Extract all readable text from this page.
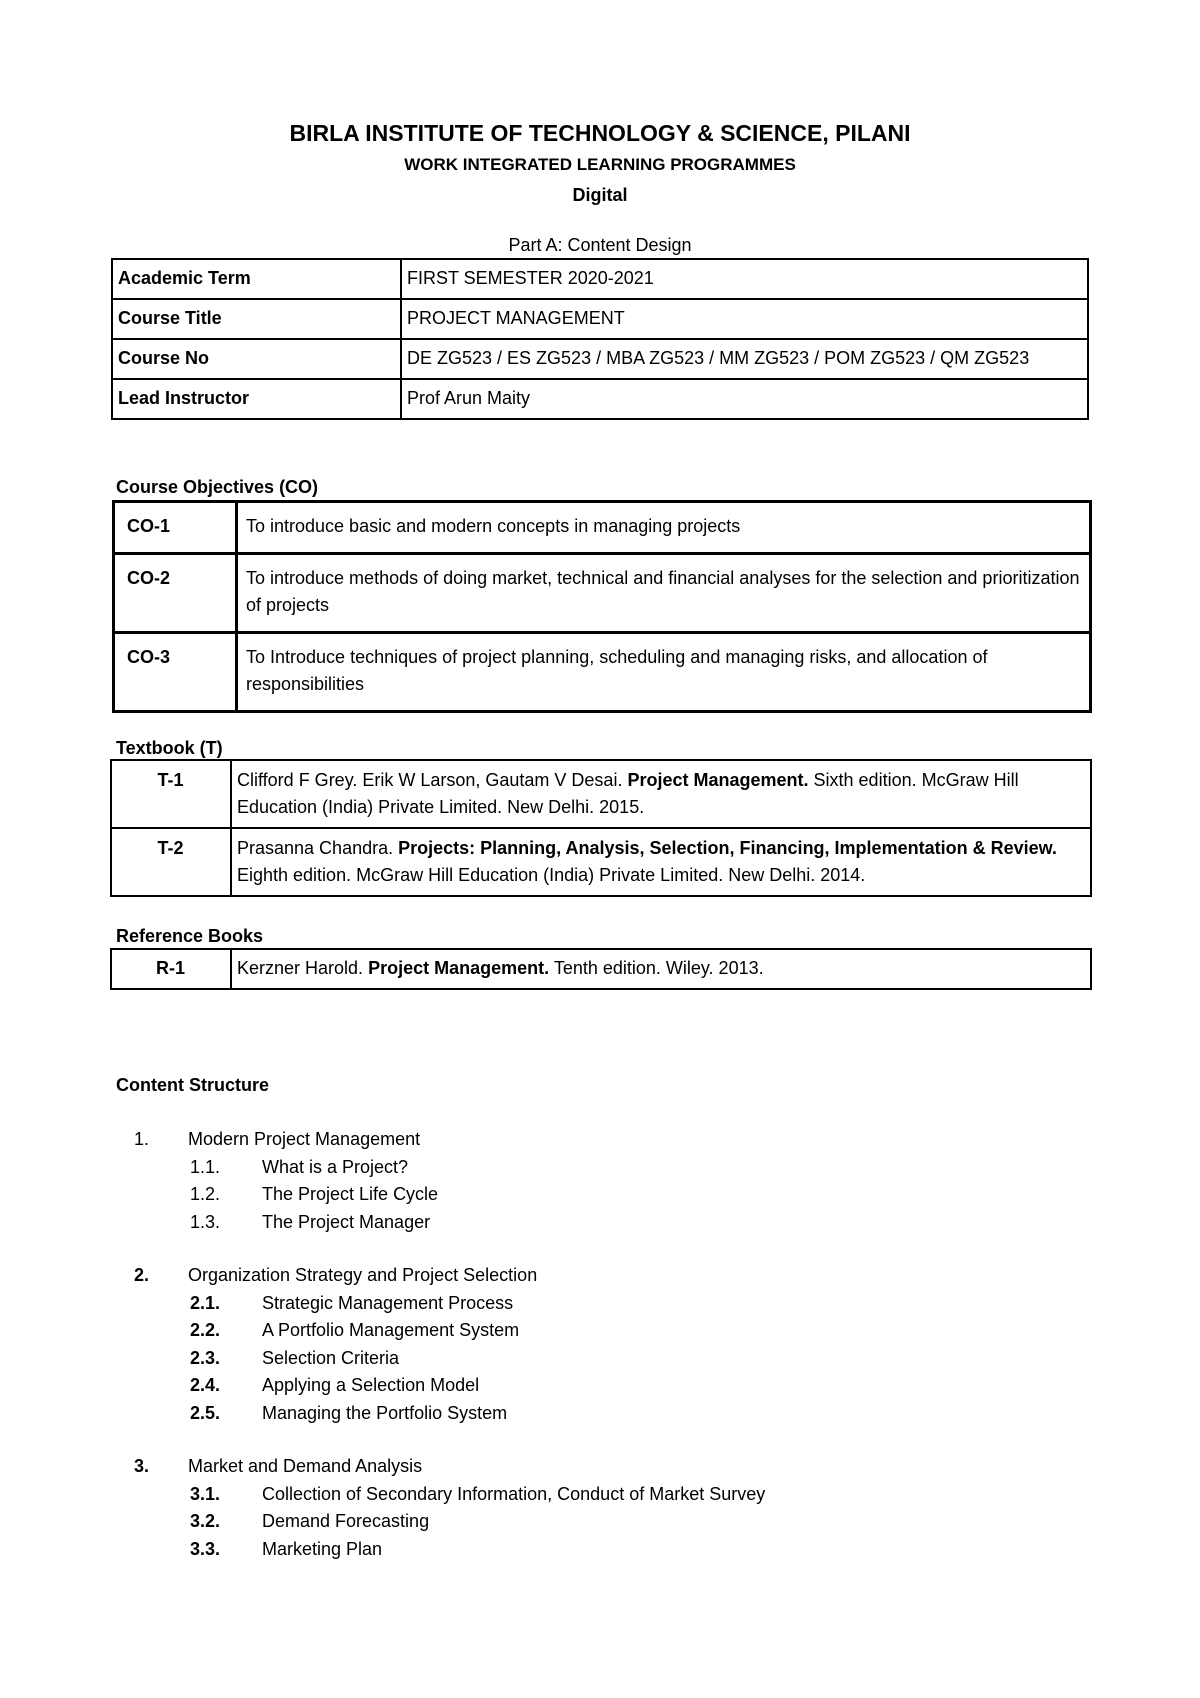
BIRLA INSTITUTE OF TECHNOLOGY & SCIENCE, PILANI
WORK INTEGRATED LEARNING PROGRAMMES
Digital
Part A: Content Design
Academic Term	FIRST SEMESTER 2020-2021
Course Title	PROJECT MANAGEMENT
Course No	DE ZG523 / ES ZG523 / MBA ZG523 / MM ZG523 / POM ZG523 / QM ZG523
Lead Instructor	Prof Arun Maity
Course Objectives (CO)
CO-1	To introduce basic and modern concepts in managing projects
CO-2	To introduce methods of doing market, technical and financial analyses for the selection and prioritization of projects
CO-3	To Introduce techniques of project planning, scheduling and managing risks, and allocation of responsibilities
Textbook (T)
T-1	Clifford F Grey. Erik W Larson, Gautam V Desai. Project Management. Sixth edition. McGraw Hill Education (India) Private Limited. New Delhi. 2015.
T-2	Prasanna Chandra. Projects: Planning, Analysis, Selection, Financing, Implementation & Review. Eighth edition. McGraw Hill Education (India) Private Limited. New Delhi. 2014.
Reference Books
R-1	Kerzner Harold. Project Management. Tenth edition. Wiley. 2013.
Content Structure
1.	Modern Project Management
1.1.	What is a Project?
1.2.	The Project Life Cycle
1.3.	The Project Manager
2.	Organization Strategy and Project Selection
2.1.	Strategic Management Process
2.2.	A Portfolio Management System
2.3.	Selection Criteria
2.4.	Applying a Selection Model
2.5.	Managing the Portfolio System
3.	Market and Demand Analysis
3.1.	Collection of Secondary Information, Conduct of Market Survey
3.2.	Demand Forecasting
3.3.	Marketing Plan
